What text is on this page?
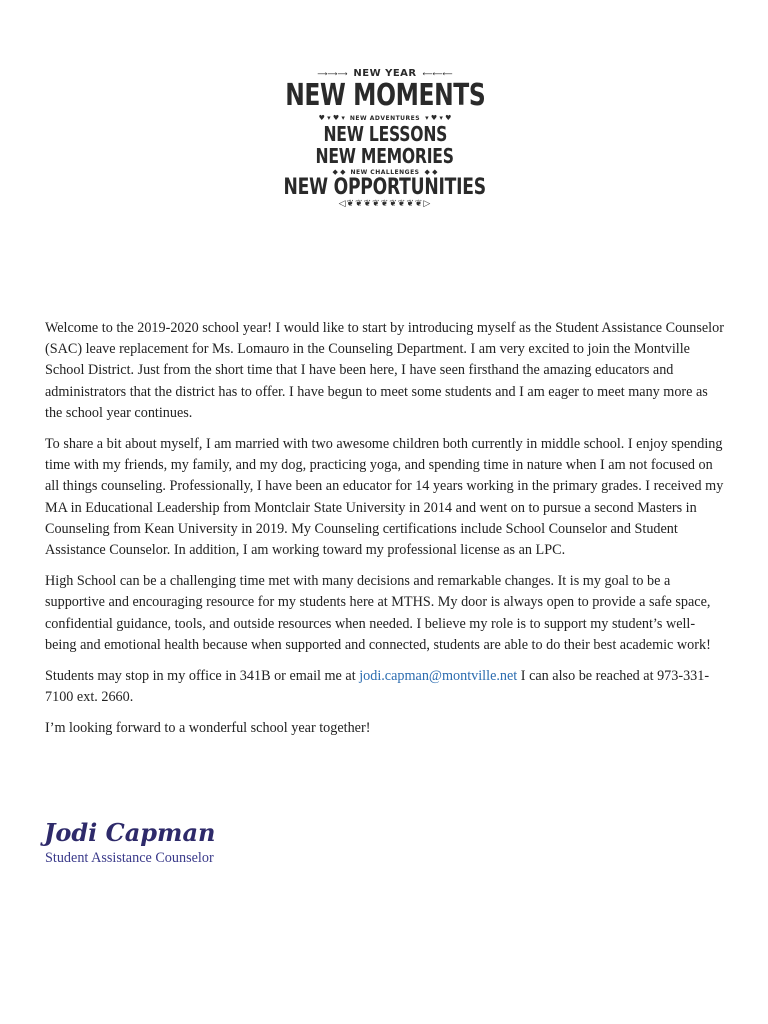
⟶⟶⟶ NEW YEAR ⟵⟵⟵
NEW MOMENTS
♥ ▾ ♥ ▾ NEW ADVENTURES ▾ ♥ ▾ ♥
NEW LESSONS
NEW MEMORIES
◆ ◆ NEW CHALLENGES ◆ ◆
NEW OPPORTUNITIES
◁❦❦❦❦❦❦❦❦❦▷

Welcome to the 2019-2020 school year! I would like to start by introducing myself as the Student Assistance Counselor (SAC) leave replacement for Ms. Lomauro in the Counseling Department. I am very excited to join the Montville School District. Just from the short time that I have been here, I have seen firsthand the amazing educators and administrators that the district has to offer. I have begun to meet some students and I am eager to meet many more as the school year continues.

To share a bit about myself, I am married with two awesome children both currently in middle school. I enjoy spending time with my friends, my family, and my dog, practicing yoga, and spending time in nature when I am not focused on all things counseling. Professionally, I have been an educator for 14 years working in the primary grades. I received my MA in Educational Leadership from Montclair State University in 2014 and went on to pursue a second Masters in Counseling from Kean University in 2019. My Counseling certifications include School Counselor and Student Assistance Counselor. In addition, I am working toward my professional license as an LPC.

High School can be a challenging time met with many decisions and remarkable changes. It is my goal to be a supportive and encouraging resource for my students here at MTHS. My door is always open to provide a safe space, confidential guidance, tools, and outside resources when needed. I believe my role is to support my student’s well-being and emotional health because when supported and connected, students are able to do their best academic work!

Students may stop in my office in 341B or email me at jodi.capman@montville.net I can also be reached at 973-331-7100 ext. 2660.

I’m looking forward to a wonderful school year together!

Jodi Capman
Student Assistance Counselor
